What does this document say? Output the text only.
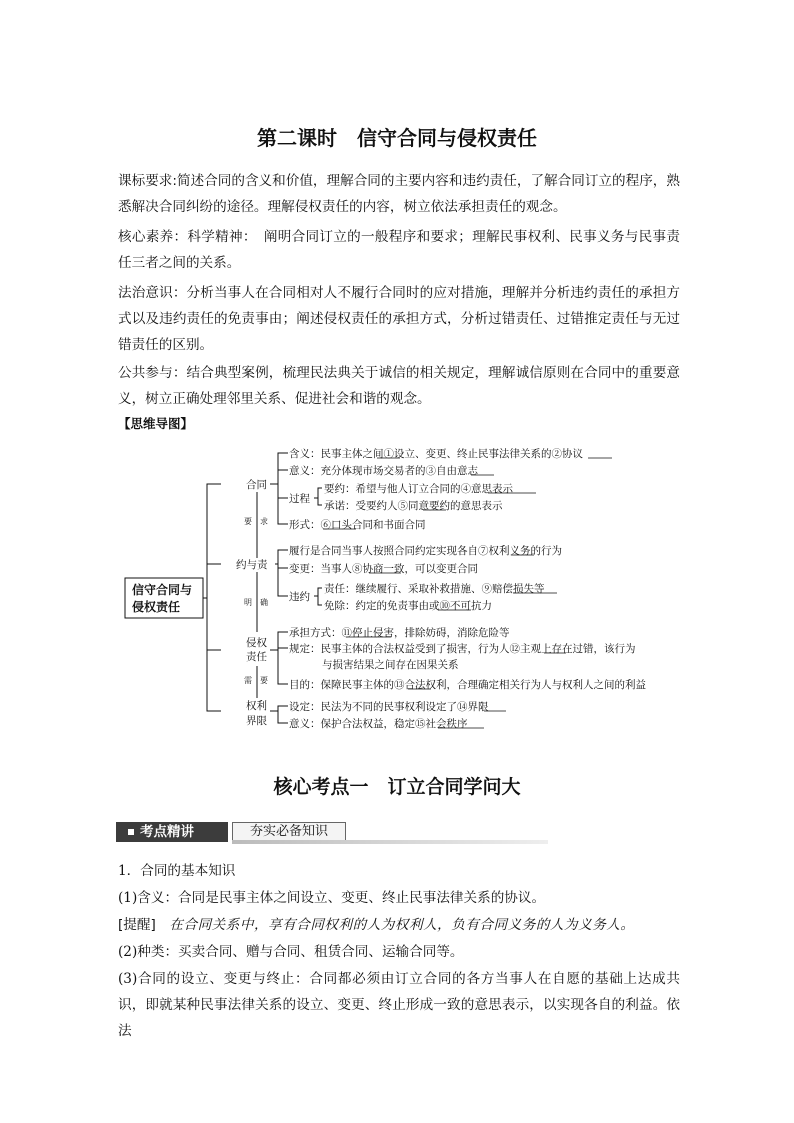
第二课时　信守合同与侵权责任

课标要求:简述合同的含义和价值，理解合同的主要内容和违约责任，了解合同订立的程序，熟悉解决合同纠纷的途径。理解侵权责任的内容，树立依法承担责任的观念。

核心素养：科学精神：　阐明合同订立的一般程序和要求；理解民事权利、民事义务与民事责任三者之间的关系。

法治意识：分析当事人在合同相对人不履行合同时的应对措施，理解并分析违约责任的承担方式以及违约责任的免责事由；阐述侵权责任的承担方式，分析过错责任、过错推定责任与无过错责任的区别。

公共参与：结合典型案例，梳理民法典关于诚信的相关规定，理解诚信原则在合同中的重要意义，树立正确处理邻里关系、促进社会和谐的观念。

【思维导图】
信守合同与
侵权责任
合同
约与责
侵权
责任
权利
界限
要　求
明　确
需　要
过程
违约
含义：民事主体之间①设立、变更、终止民事法律关系的②协议
意义：充分体现市场交易者的③自由意志
要约：希望与他人订立合同的④意思表示
承诺：受要约人⑤同意要约的意思表示
形式：⑥口头合同和书面合同
履行是合同当事人按照合同约定实现各自⑦权利义务的行为
变更：当事人⑧协商一致，可以变更合同
责任：继续履行、采取补救措施、⑨赔偿损失等
免除：约定的免责事由或⑩不可抗力
承担方式：⑪停止侵害，排除妨碍，消除危险等
规定：民事主体的合法权益受到了损害，行为人⑫主观上存在过错，该行为
与损害结果之间存在因果关系
目的：保障民事主体的⑬合法权利，合理确定相关行为人与权利人之间的利益
设定：民法为不同的民事权利设定了⑭界限
意义：保护合法权益，稳定⑮社会秩序
核心考点一　订立合同学问大
考点精讲	夯实必备知识

1．合同的基本知识

(1)含义：合同是民事主体之间设立、变更、终止民事法律关系的协议。

[提醒]　 在合同关系中，享有合同权利的人为权利人，负有合同义务的人为义务人。

(2)种类：买卖合同、赠与合同、租赁合同、运输合同等。

(3)合同的设立、变更与终止：合同都必须由订立合同的各方当事人在自愿的基础上达成共识，即就某种民事法律关系的设立、变更、终止形成一致的意思表示，以实现各自的利益。依法
